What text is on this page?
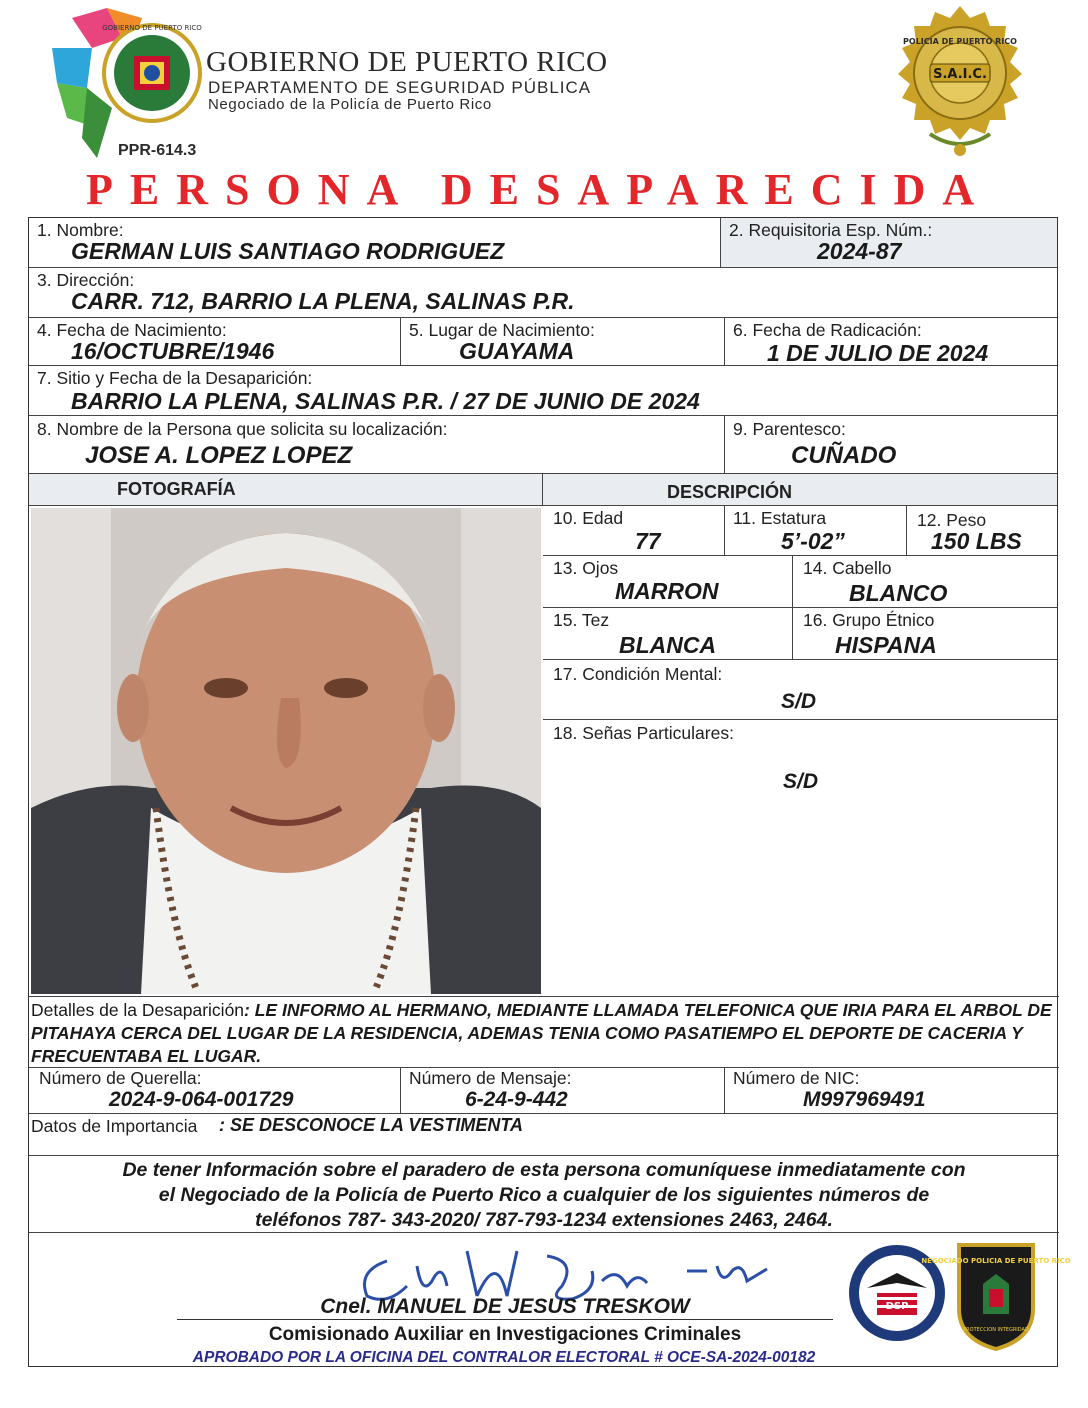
GOBIERNO DE PUERTO RICO
GOBIERNO DE PUERTO RICO
DEPARTAMENTO DE SEGURIDAD PÚBLICA
Negociado de la Policía de Puerto Rico
PPR-614.3
POLICIA DE PUERTO RICO
S.A.I.C.
PERSONA DESAPARECIDA
1. Nombre:
GERMAN LUIS SANTIAGO RODRIGUEZ
2. Requisitoria Esp. Núm.:
2024-87
3. Dirección:
CARR. 712, BARRIO LA PLENA, SALINAS P.R.
4. Fecha de Nacimiento:
16/OCTUBRE/1946
5. Lugar de Nacimiento:
GUAYAMA
6. Fecha de Radicación:
1 DE JULIO DE 2024
7. Sitio y Fecha de la Desaparición:
BARRIO LA PLENA, SALINAS P.R. / 27 DE JUNIO DE 2024
8. Nombre de la Persona que solicita su localización:
JOSE A. LOPEZ LOPEZ
9. Parentesco:
CUÑADO
FOTOGRAFÍA	DESCRIPCIÓN
10. Edad
77
11. Estatura
5’-02”
12. Peso
150 LBS
13. Ojos
MARRON
14. Cabello
BLANCO
15. Tez
BLANCA
16. Grupo Étnico
HISPANA
17. Condición Mental:
S/D
18. Señas Particulares:
S/D
Detalles de la Desaparición: LE INFORMO AL HERMANO, MEDIANTE LLAMADA TELEFONICA QUE IRIA PARA EL ARBOL DE PITAHAYA CERCA DEL LUGAR DE LA RESIDENCIA, ADEMAS TENIA COMO PASATIEMPO EL DEPORTE DE CACERIA Y FRECUENTABA EL LUGAR.
Número de Querella:
2024-9-064-001729
Número de Mensaje:
6-24-9-442
Número de NIC:
M997969491
Datos de Importancia : SE DESCONOCE LA VESTIMENTA
De tener Información sobre el paradero de esta persona comuníquese inmediatamente con
el Negociado de la Policía de Puerto Rico a cualquier de los siguientes números de
teléfonos 787- 343-2020/ 787-793-1234 extensiones 2463, 2464.
Cnel. MANUEL DE JESUS TRESKOW
Comisionado Auxiliar en Investigaciones Criminales
APROBADO POR LA OFICINA DEL CONTRALOR ELECTORAL # OCE-SA-2024-00182
DSP
NEGOCIADO POLICIA DE PUERTO RICO
PROTECCION INTEGRIDAD
